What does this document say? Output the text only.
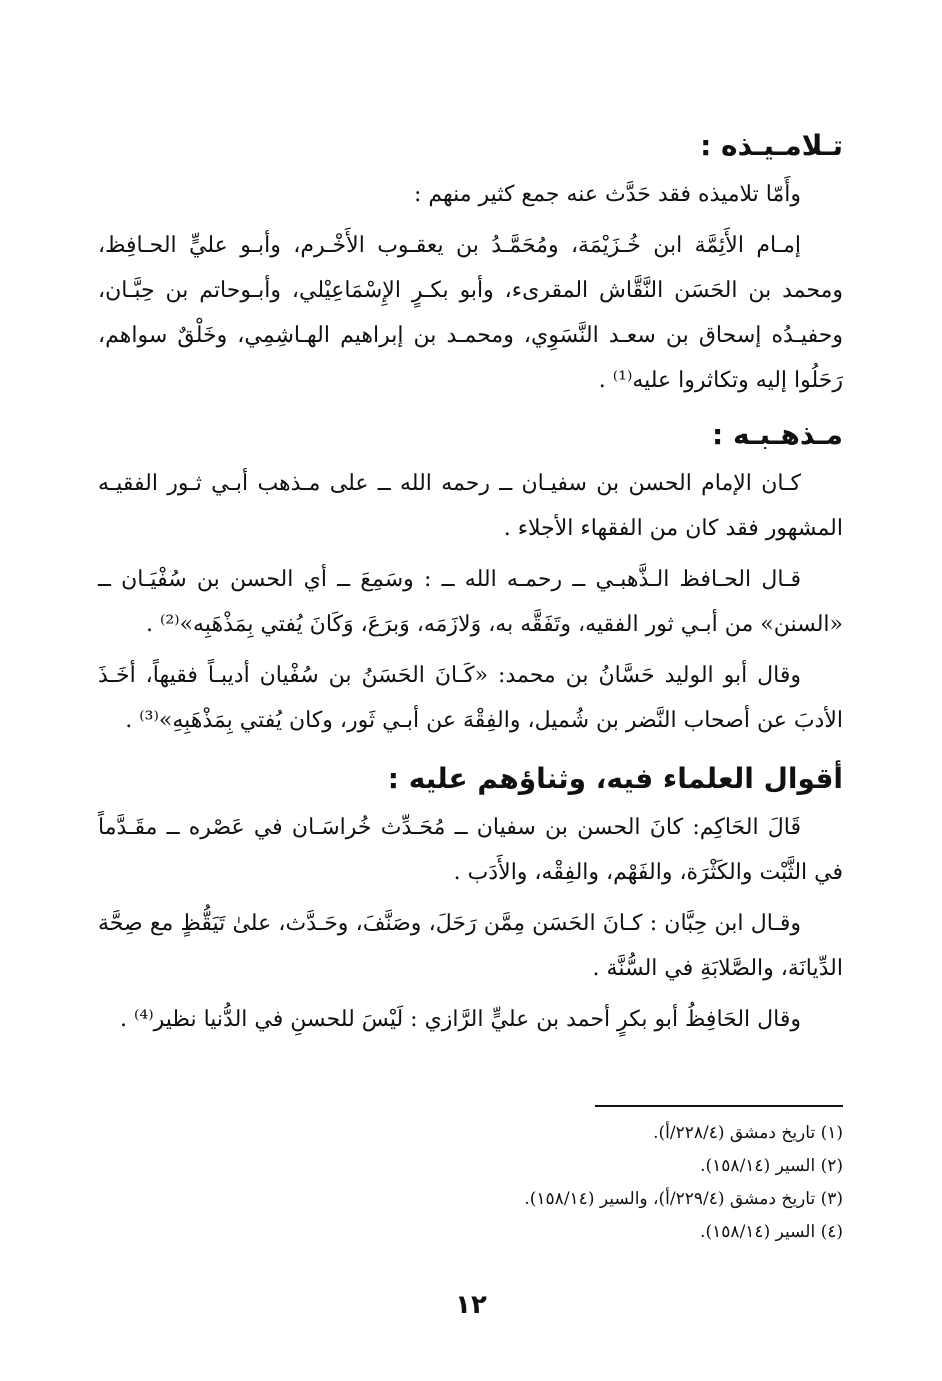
تـلامـيـذه :

وأَمّا تلاميذه فقد حَدَّث عنه جمع كثير منهم :

إمـام الأَئِمَّة ابن خُـزَيْمَة، ومُحَمَّـدُ بن يعقـوب الأَخْـرم، وأبـو عليٍّ الحـافِظ، ومحمد بن الحَسَن النَّقَّاش المقرىء، وأبو بكـرٍ الإِسْمَاعِيْلي، وأبـوحاتم بن حِبَّـان، وحفيـدُه إسحاق بن سعـد النَّسَوِي، ومحمـد بن إبراهيم الهـاشِمِي، وخَلْقٌ سواهم، رَحَلُوا إليه وتكاثروا عليه⁽¹⁾ .

مـذهـبـه :

كـان الإمام الحسن بن سفيـان ــ رحمه الله ــ على مـذهب أبـي ثـور الفقيـه المشهور فقد كان من الفقهاء الأجلاء .

قـال الحـافظ الـذَّهبـي ــ رحمـه الله ــ : وسَمِعَ ــ أي الحسن بن سُفْيَـان ــ «السنن» من أبـي ثور الفقيه، وتَفَقَّه به، وَلازَمَه، وَبرَعَ، وَكَانَ يُفتي بِمَذْهَبِه»⁽²⁾ .

وقال أبو الوليد حَسَّانُ بن محمد: «كَـانَ الحَسَنُ بن سُفْيان أديبـاً فقيهاً، أخَـذَ الأدبَ عن أصحاب النَّضر بن شُميل، والفِقْهَ عن أبـي ثَور، وكان يُفتي بِمَذْهَبِهِ»⁽³⁾ .

أقوال العلماء فيه، وثناؤهم عليه :

قَالَ الحَاكِم: كانَ الحسن بن سفيان ــ مُحَـدِّث خُراسَـان في عَصْره ــ مقَـدَّماً في الثَّبْت والكَثْرَة، والفَهْم، والفِقْه، والأَدَب .

وقـال ابن حِبَّان : كـانَ الحَسَن مِمَّن رَحَلَ، وصَنَّفَ، وحَـدَّث، علىٰ تَيَقُّظٍ مع صِحَّة الدِّيانَة، والصَّلابَةِ في السُّنَّة .

وقال الحَافِظُ أبو بكرٍ أحمد بن عليٍّ الرَّازي : لَيْسَ للحسنِ في الدُّنيا نظير⁽⁴⁾ .

(١) تاريخ دمشق (٢٢٨/٤/أ).

(٢) السير (١٥٨/١٤).

(٣) تاريخ دمشق (٢٢٩/٤/أ)، والسير (١٥٨/١٤).

(٤) السير (١٥٨/١٤).

١٢
